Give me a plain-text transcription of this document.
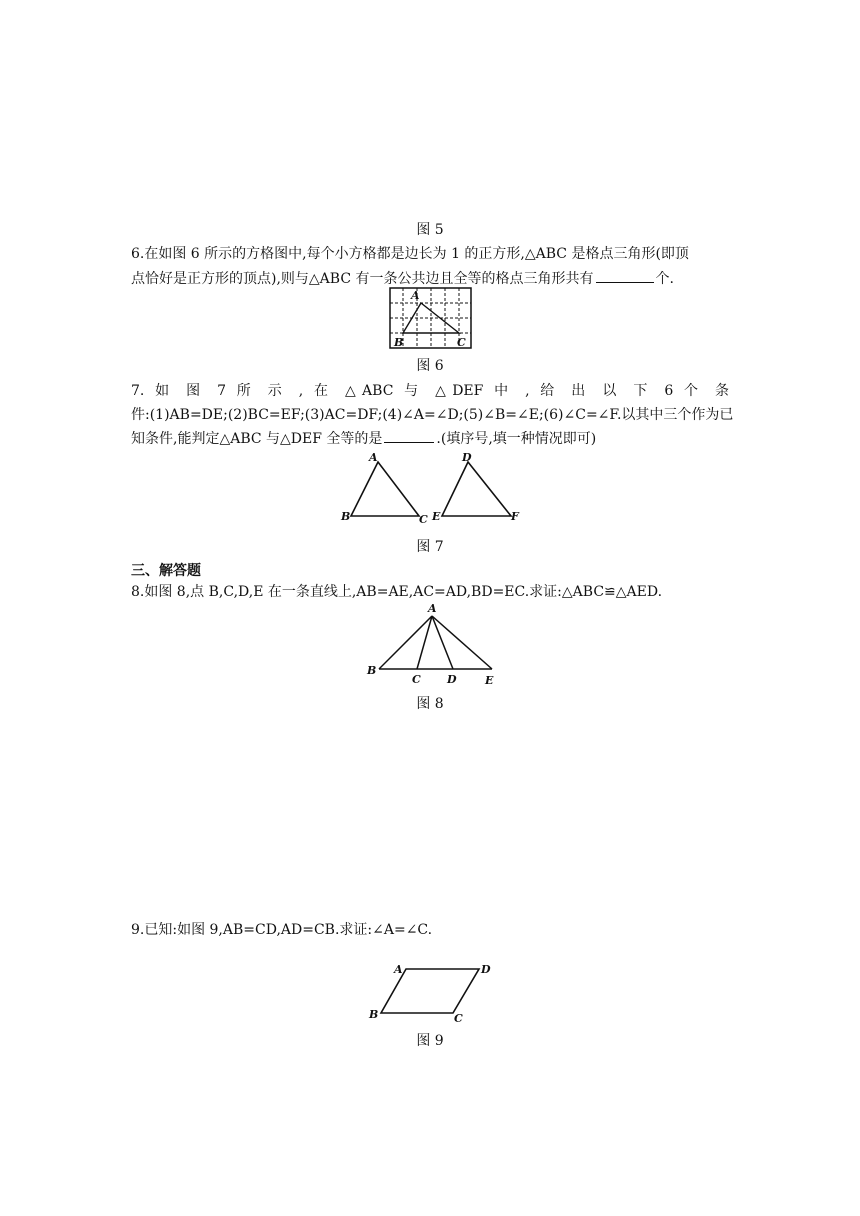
图 5
6.在如图 6 所示的方格图中,每个小方格都是边长为 1 的正方形,△ABC 是格点三角形(即顶
点恰好是正方形的顶点),则与△ABC 有一条公共边且全等的格点三角形共有	个.
A
B	C
图 6
7. 如 图 7 所 示 , 在 △ABC 与 △DEF 中 , 给 出 以 下 6 个 条
件:(1)AB=DE;(2)BC=EF;(3)AC=DF;(4)∠A=∠D;(5)∠B=∠E;(6)∠C=∠F.以其中三个作为已
知条件,能判定△ABC 与△DEF 全等的是	.(填序号,填一种情况即可)
A
B	C
D
E	F
图 7
三、解答题
8.如图 8,点 B,C,D,E 在一条直线上,AB=AE,AC=AD,BD=EC.求证:△ABC≌△AED.
A
B
C D	E
图 8
9.已知:如图 9,AB=CD,AD=CB.求证:∠A=∠C.
A	D
B	C
图 9
